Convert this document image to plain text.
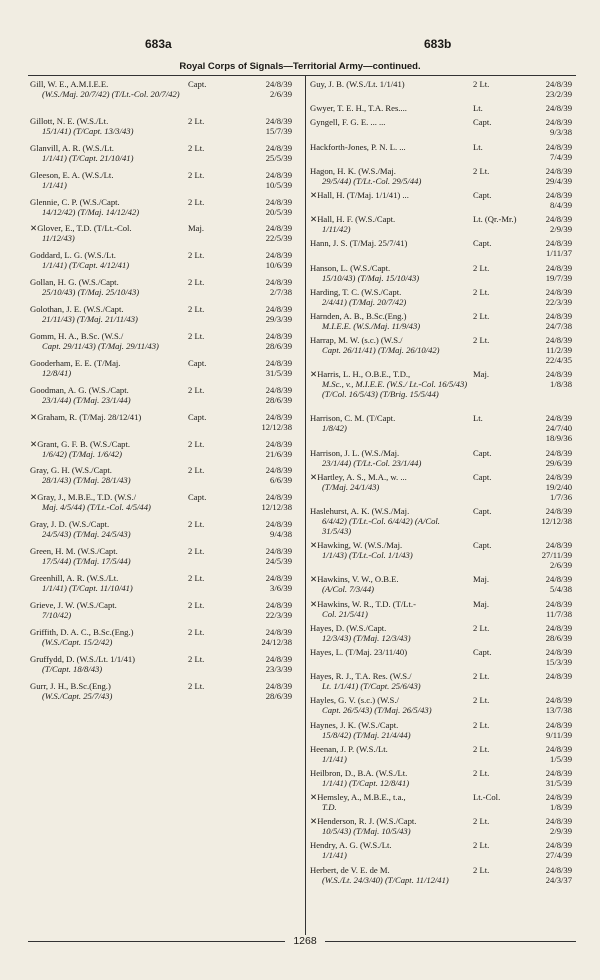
683a	683b
Royal Corps of Signals—Territorial Army—continued.
Gill, W. E., A.M.I.E.E.
(W.S./Maj. 20/7/42) (T/Lt.-Col. 20/7/42)
Capt.	24/8/39
2/6/39
Gillott, N. E. (W.S./Lt.
15/1/41) (T/Capt. 13/3/43)
2 Lt.	24/8/39
15/7/39
Glanvill, A. R. (W.S./Lt.
1/1/41) (T/Capt. 21/10/41)
2 Lt.	24/8/39
25/5/39
Gleeson, E. A. (W.S./Lt.
1/1/41)
2 Lt.	24/8/39
10/5/39
Glennie, C. P. (W.S./Capt.
14/12/42) (T/Maj. 14/12/42)
2 Lt.	24/8/39
20/5/39
✕Glover, E., T.D. (T/Lt.-Col.
11/12/43)
Maj.	24/8/39
22/5/39
Goddard, L. G. (W.S./Lt.
1/1/41) (T/Capt. 4/12/41)
2 Lt.	24/8/39
10/6/39
Gollan, H. G. (W.S./Capt.
25/10/43) (T/Maj. 25/10/43)
2 Lt.	24/8/39
2/7/38
Golothan, J. E. (W.S./Capt.
21/11/43) (T/Maj. 21/11/43)
2 Lt.	24/8/39
29/3/39
Gomm, H. A., B.Sc. (W.S./
Capt. 29/11/43) (T/Maj. 29/11/43)
2 Lt.	24/8/39
28/6/39
Gooderham, E. E. (T/Maj.
12/8/41)
Capt.	24/8/39
31/5/39
Goodman, A. G. (W.S./Capt.
23/1/44) (T/Maj. 23/1/44)
2 Lt.	24/8/39
28/6/39
✕Graham, R. (T/Maj. 28/12/41)	Capt.	24/8/39
12/12/38
✕Grant, G. F. B. (W.S./Capt.
1/6/42) (T/Maj. 1/6/42)
2 Lt.	24/8/39
21/6/39
Gray, G. H. (W.S./Capt.
28/1/43) (T/Maj. 28/1/43)
2 Lt.	24/8/39
6/6/39
✕Gray, J., M.B.E., T.D. (W.S./
Maj. 4/5/44) (T/Lt.-Col. 4/5/44)
Capt.	24/8/39
12/12/38
Gray, J. D. (W.S./Capt.
24/5/43) (T/Maj. 24/5/43)
2 Lt.	24/8/39
9/4/38
Green, H. M. (W.S./Capt.
17/5/44) (T/Maj. 17/5/44)
2 Lt.	24/8/39
24/5/39
Greenhill, A. R. (W.S./Lt.
1/1/41) (T/Capt. 11/10/41)
2 Lt.	24/8/39
3/6/39
Grieve, J. W. (W.S./Capt.
7/10/42)
2 Lt.	24/8/39
22/3/39
Griffith, D. A. C., B.Sc.(Eng.)
(W.S./Capt. 15/2/42)
2 Lt.	24/8/39
24/12/38
Gruffydd, D. (W.S./Lt. 1/1/41)
(T/Capt. 18/8/43)
2 Lt.	24/8/39
23/3/39
Gurr, J. H., B.Sc.(Eng.)
(W.S./Capt. 25/7/43)
2 Lt.	24/8/39
28/6/39
Guy, J. B. (W.S./Lt. 1/1/41)	2 Lt.	24/8/39
23/2/39
Gwyer, T. E. H., T.A. Res....	Lt.	24/8/39
Gyngell, F. G. E. ... ...	Capt.	24/8/39
9/3/38
Hackforth-Jones, P. N. L. ...	Lt.	24/8/39
7/4/39
Hagon, H. K. (W.S./Maj.
29/5/44) (T/Lt.-Col. 29/5/44)
2 Lt.	24/8/39
29/4/39
✕Hall, H. (T/Maj. 1/1/41) ...	Capt.	24/8/39
8/4/39
✕Hall, H. F. (W.S./Capt.
1/11/42)
Lt. (Qr.-Mr.)	24/8/39
2/9/39
Hann, J. S. (T/Maj. 25/7/41)	Capt.	24/8/39
1/11/37
Hanson, L. (W.S./Capt.
15/10/43) (T/Maj. 15/10/43)
2 Lt.	24/8/39
19/7/39
Harding, T. C. (W.S./Capt.
2/4/41) (T/Maj. 20/7/42)
2 Lt.	24/8/39
22/3/39
Harnden, A. B., B.Sc.(Eng.)
M.I.E.E. (W.S./Maj. 11/9/43)
2 Lt.	24/8/39
24/7/38
Harrap, M. W. (s.c.) (W.S./
Capt. 26/11/41) (T/Maj. 26/10/42)
2 Lt.	24/8/39
11/2/39
22/4/35
✕Harris, L. H., O.B.E., T.D.,
M.Sc., v., M.I.E.E. (W.S./ Lt.-Col. 16/5/43) (T/Col. 16/5/43) (T/Brig. 15/5/44)
Maj.	24/8/39
1/8/38
Harrison, C. M. (T/Capt.
1/8/42)
Lt.	24/8/39
24/7/40
18/9/36
Harrison, J. L. (W.S./Maj.
23/1/44) (T/Lt.-Col. 23/1/44)
Capt.	24/8/39
29/6/39
✕Hartley, A. S., M.A., w. ...
(T/Maj. 24/1/43)
Capt.	24/8/39
19/2/40
1/7/36
Haslehurst, A. K. (W.S./Maj.
6/4/42) (T/Lt.-Col. 6/4/42) (A/Col. 31/5/43)
Capt.	24/8/39
12/12/38
✕Hawking, W. (W.S./Maj.
1/1/43) (T/Lt.-Col. 1/1/43)
Capt.	24/8/39
27/11/39
2/6/39
✕Hawkins, V. W., O.B.E.
(A/Col. 7/3/44)
Maj.	24/8/39
5/4/38
✕Hawkins, W. R., T.D. (T/Lt.-
Col. 21/5/41)
Maj.	24/8/39
11/7/38
Hayes, D. (W.S./Capt.
12/3/43) (T/Maj. 12/3/43)
2 Lt.	24/8/39
28/6/39
Hayes, L. (T/Maj. 23/11/40)	Capt.	24/8/39
15/3/39
Hayes, R. J., T.A. Res. (W.S./
Lt. 1/1/41) (T/Capt. 25/6/43)
2 Lt.	24/8/39
Hayles, G. V. (s.c.) (W.S./
Capt. 26/5/43) (T/Maj. 26/5/43)
2 Lt.	24/8/39
13/7/38
Haynes, J. K. (W.S./Capt.
15/8/42) (T/Maj. 21/4/44)
2 Lt.	24/8/39
9/11/39
Heenan, J. P. (W.S./Lt.
1/1/41)
2 Lt.	24/8/39
1/5/39
Heilbron, D., B.A. (W.S./Lt.
1/1/41) (T/Capt. 12/8/41)
2 Lt.	24/8/39
31/5/39
✕Hemsley, A., M.B.E., t.a.,
T.D.
Lt.-Col.	24/8/39
1/8/39
✕Henderson, R. J. (W.S./Capt.
10/5/43) (T/Maj. 10/5/43)
2 Lt.	24/8/39
2/9/39
Hendry, A. G. (W.S./Lt.
1/1/41)
2 Lt.	24/8/39
27/4/39
Herbert, de V. E. de M.
(W.S./Lt. 24/3/40) (T/Capt. 11/12/41)
2 Lt.	24/8/39
24/3/37
1268
